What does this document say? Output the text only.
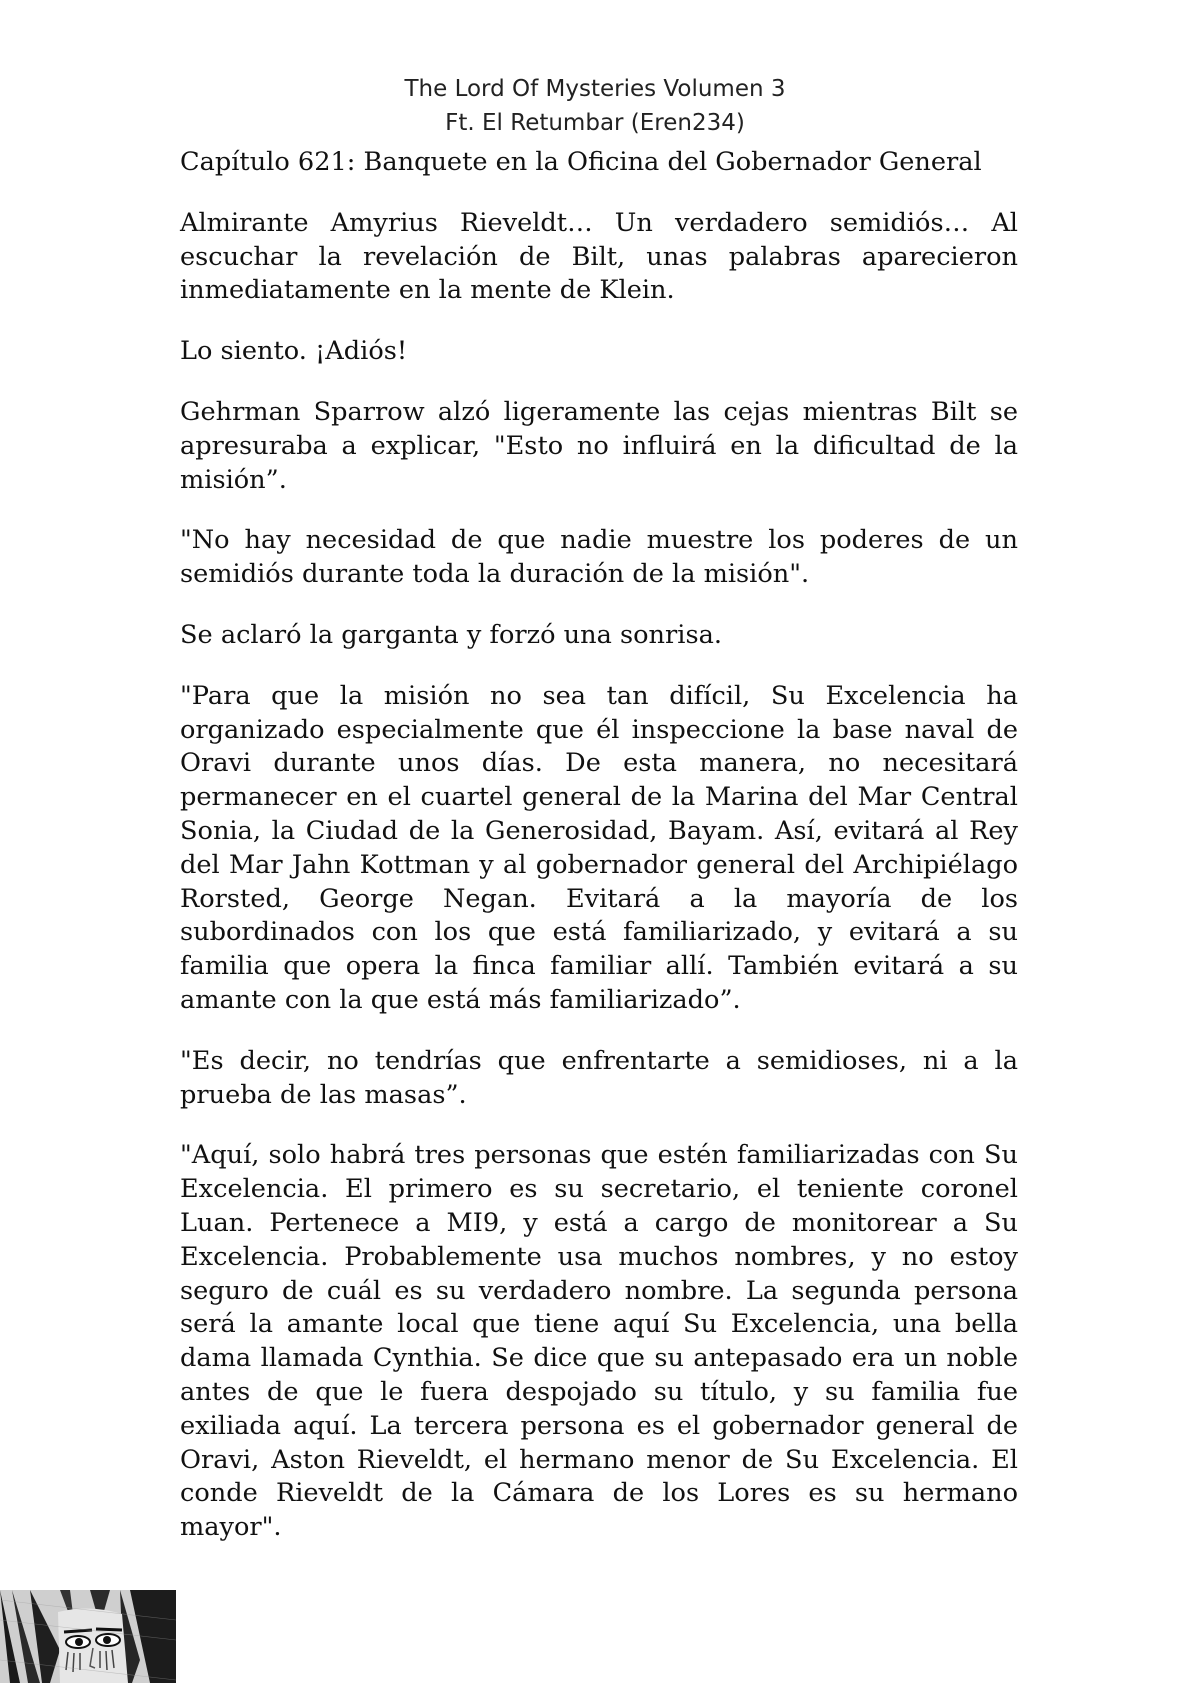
The Lord Of Mysteries Volumen 3
Ft. El Retumbar (Eren234)
Capítulo 621: Banquete en la Oficina del Gobernador General

Almirante Amyrius Rieveldt… Un verdadero semidiós… Al escuchar la revelación de Bilt, unas palabras aparecieron inmediatamente en la mente de Klein.

Lo siento. ¡Adiós!

Gehrman Sparrow alzó ligeramente las cejas mientras Bilt se apresuraba a explicar, "Esto no influirá en la dificultad de la misión”.

"No hay necesidad de que nadie muestre los poderes de un semidiós durante toda la duración de la misión".

Se aclaró la garganta y forzó una sonrisa.

"Para que la misión no sea tan difícil, Su Excelencia ha organizado especialmente que él inspeccione la base naval de Oravi durante unos días. De esta manera, no necesitará permanecer en el cuartel general de la Marina del Mar Central Sonia, la Ciudad de la Generosidad, Bayam. Así, evitará al Rey del Mar Jahn Kottman y al gobernador general del Archipiélago Rorsted, George Negan. Evitará a la mayoría de los subordinados con los que está familiarizado, y evitará a su familia que opera la finca familiar allí. También evitará a su amante con la que está más familiarizado”.

"Es decir, no tendrías que enfrentarte a semidioses, ni a la prueba de las masas”.

"Aquí, solo habrá tres personas que estén familiarizadas con Su Excelencia. El primero es su secretario, el teniente coronel Luan. Pertenece a MI9, y está a cargo de monitorear a Su Excelencia. Probablemente usa muchos nombres, y no estoy seguro de cuál es su verdadero nombre. La segunda persona será la amante local que tiene aquí Su Excelencia, una bella dama llamada Cynthia. Se dice que su antepasado era un noble antes de que le fuera despojado su título, y su familia fue exiliada aquí. La tercera persona es el gobernador general de Oravi, Aston Rieveldt, el hermano menor de Su Excelencia. El conde Rieveldt de la Cámara de los Lores es su hermano mayor".
